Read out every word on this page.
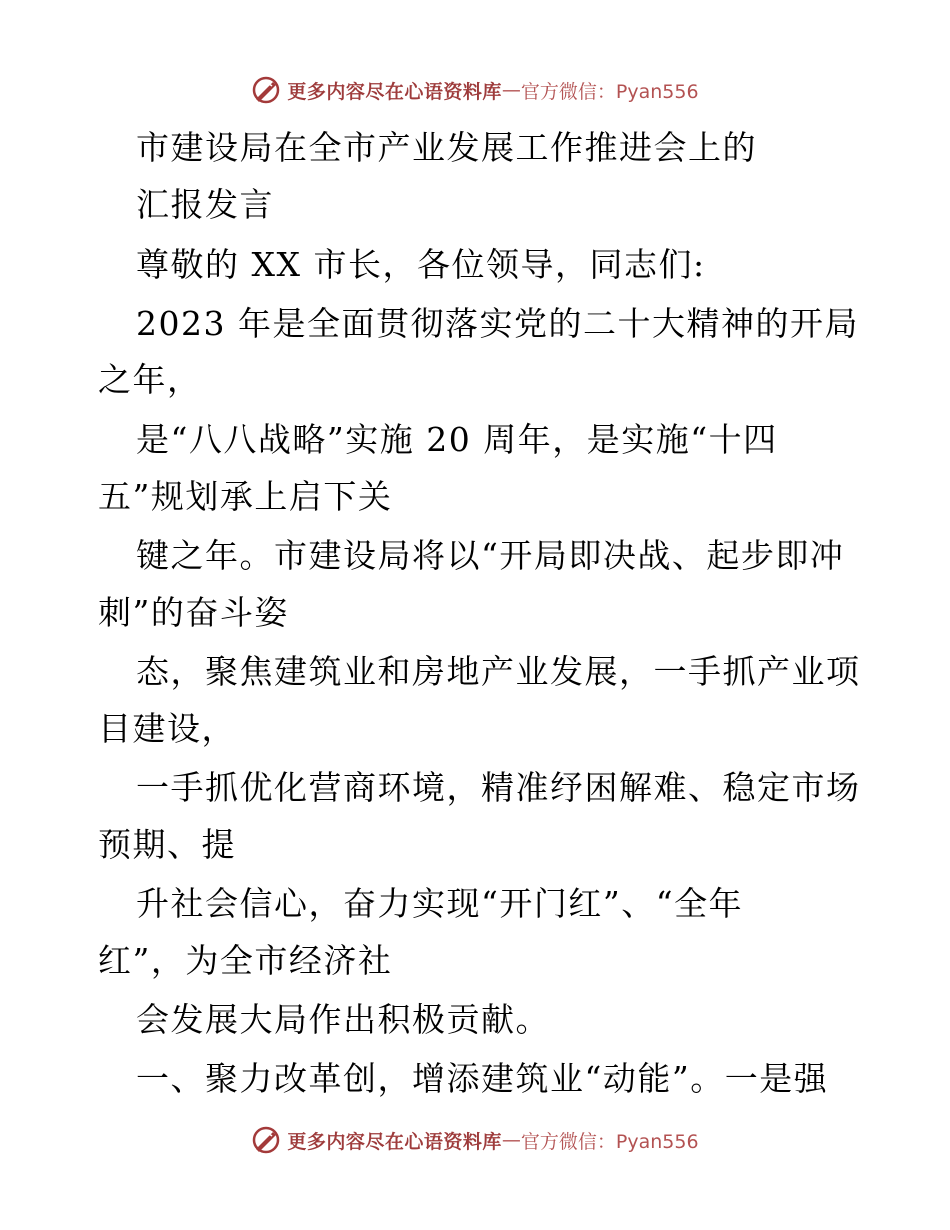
更多内容尽在心语资料库 — 官方微信：Pyan556
市建设局在全市产业发展工作推进会上的
汇报发言
尊敬的 XX 市长，各位领导，同志们:
2023 年是全面贯彻落实党的二十大精神的开局
之年，
是“八八战略”实施 20 周年，是实施“十四
五”规划承上启下关
键之年。市建设局将以“开局即决战、起步即冲
刺”的奋斗姿
态，聚焦建筑业和房地产业发展，一手抓产业项
目建设，
一手抓优化营商环境，精准纾困解难、稳定市场
预期、提
升社会信心，奋力实现“开门红”、“全年
红”，为全市经济社
会发展大局作出积极贡献。
一、聚力改革创，增添建筑业“动能”。一是强
更多内容尽在心语资料库 — 官方微信：Pyan556
